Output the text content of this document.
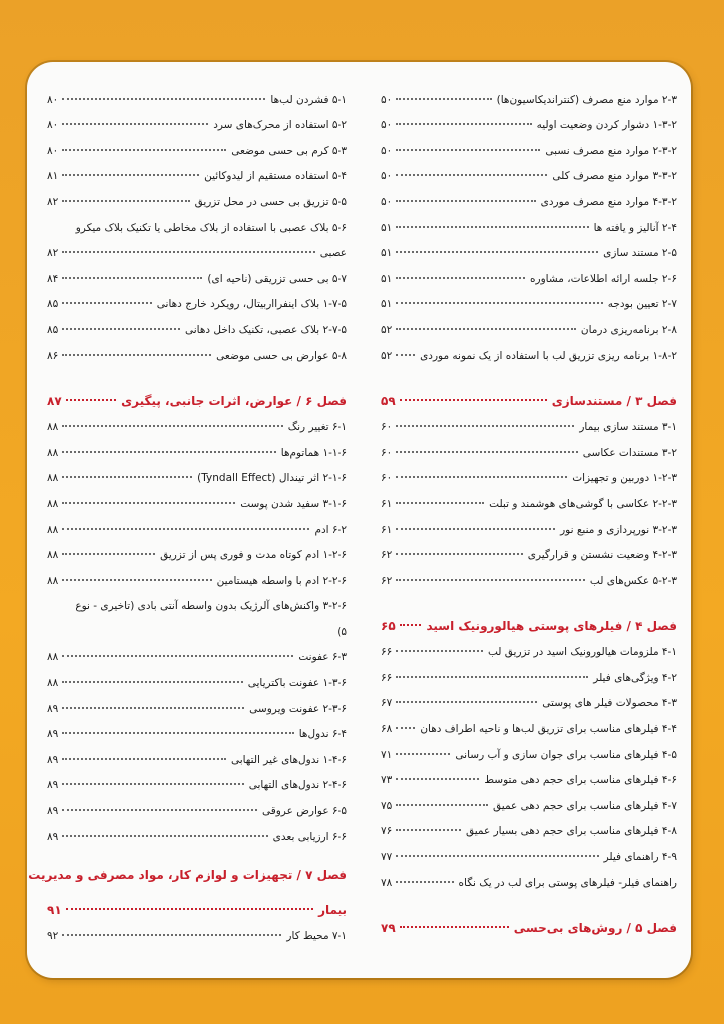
۲-۳ موارد منع مصرف (کنتراندیکاسیون‌ها)
۵۰
۱-۳-۲ دشوار کردن وضعیت اولیه
۵۰
۲-۳-۲ موارد منع مصرف نسبی
۵۰
۳-۳-۲ موارد منع مصرف کلی
۵۰
۴-۳-۲ موارد منع مصرف موردی
۵۰
۲-۴ آنالیز و یافته ها
۵۱
۲-۵ مستند سازی
۵۱
۲-۶ جلسه ارائه اطلاعات، مشاوره
۵۱
۲-۷ تعیین بودجه
۵۱
۲-۸ برنامه‌ریزی درمان
۵۲
۱-۸-۲ برنامه ریزی تزریق لب با استفاده از یک نمونه موردی
۵۲
فصل ۳ / مستندسازی
۵۹
۳-۱ مستند سازی بیمار
۶۰
۳-۲ مستندات عکاسی
۶۰
۱-۲-۳ دوربین و تجهیزات
۶۰
۲-۲-۳ عکاسی با گوشی‌های هوشمند و تبلت
۶۱
۳-۲-۳ نورپردازی و منبع نور
۶۱
۴-۲-۳ وضعیت نشستن و قرارگیری
۶۲
۵-۲-۳ عکس‌های لب
۶۲
فصل ۴ / فیلرهای پوستی هیالورونیک اسید
۶۵
۴-۱ ملزومات هیالورونیک اسید در تزریق لب
۶۶
۴-۲ ویژگی‌های فیلر
۶۶
۴-۳ محصولات فیلر های پوستی
۶۷
۴-۴ فیلرهای مناسب برای تزریق لب‌ها و ناحیه اطراف دهان
۶۸
۴-۵ فیلرهای مناسب برای جوان سازی و آب رسانی
۷۱
۴-۶ فیلرهای مناسب برای حجم دهی متوسط
۷۳
۴-۷ فیلرهای مناسب برای حجم دهی عمیق
۷۵
۴-۸ فیلرهای مناسب برای حجم دهی بسیار عمیق
۷۶
۴-۹ راهنمای فیلر
۷۷
راهنمای فیلر- فیلرهای پوستی برای لب در یک نگاه
۷۸
فصل ۵ / روش‌های بی‌حسی
۷۹
۵-۱ فشردن لب‌ها
۸۰
۵-۲ استفاده از محرک‌های سرد
۸۰
۵-۳ کرم بی حسی موضعی
۸۰
۵-۴ استفاده مستقیم از لیدوکائین
۸۱
۵-۵ تزریق بی حسی در محل تزریق
۸۲
۵-۶ بلاک عصبی با استفاده از بلاک مخاطی یا تکنیک بلاک میکرو
عصبی
۸۲
۵-۷ بی حسی تزریقی (ناحیه ای)
۸۴
۱-۷-۵ بلاک اینفرااربیتال، رویکرد خارج دهانی
۸۵
۲-۷-۵ بلاک عصبی، تکنیک داخل دهانی
۸۵
۵-۸ عوارض بی حسی موضعی
۸۶
فصل ۶ / عوارض، اثرات جانبی، پیگیری
۸۷
۶-۱ تغییر رنگ
۸۸
۱-۱-۶ هماتوم‌ها
۸۸
۲-۱-۶ اثر تیندال (Tyndall Effect)
۸۸
۳-۱-۶ سفید شدن پوست
۸۸
۶-۲ ادم
۸۸
۱-۲-۶ ادم کوتاه مدت و فوری پس از تزریق
۸۸
۲-۲-۶ ادم با واسطه هیستامین
۸۸
۳-۲-۶ واکنش‌های آلرژیک بدون واسطه آنتی بادی (تاخیری - نوع
۵)
۶-۳ عفونت
۸۸
۱-۳-۶ عفونت باکتریایی
۸۸
۲-۳-۶ عفونت ویروسی
۸۹
۶-۴ ندول‌ها
۸۹
۱-۴-۶ ندول‌های غیر التهابی
۸۹
۲-۴-۶ ندول‌های التهابی
۸۹
۶-۵ عوارض عروقی
۸۹
۶-۶ ارزیابی بعدی
۸۹
فصل ۷ / تجهیزات و لوازم کار، مواد مصرفی و مدیریت
بیمار
۹۱
۷-۱ محیط کار
۹۲
